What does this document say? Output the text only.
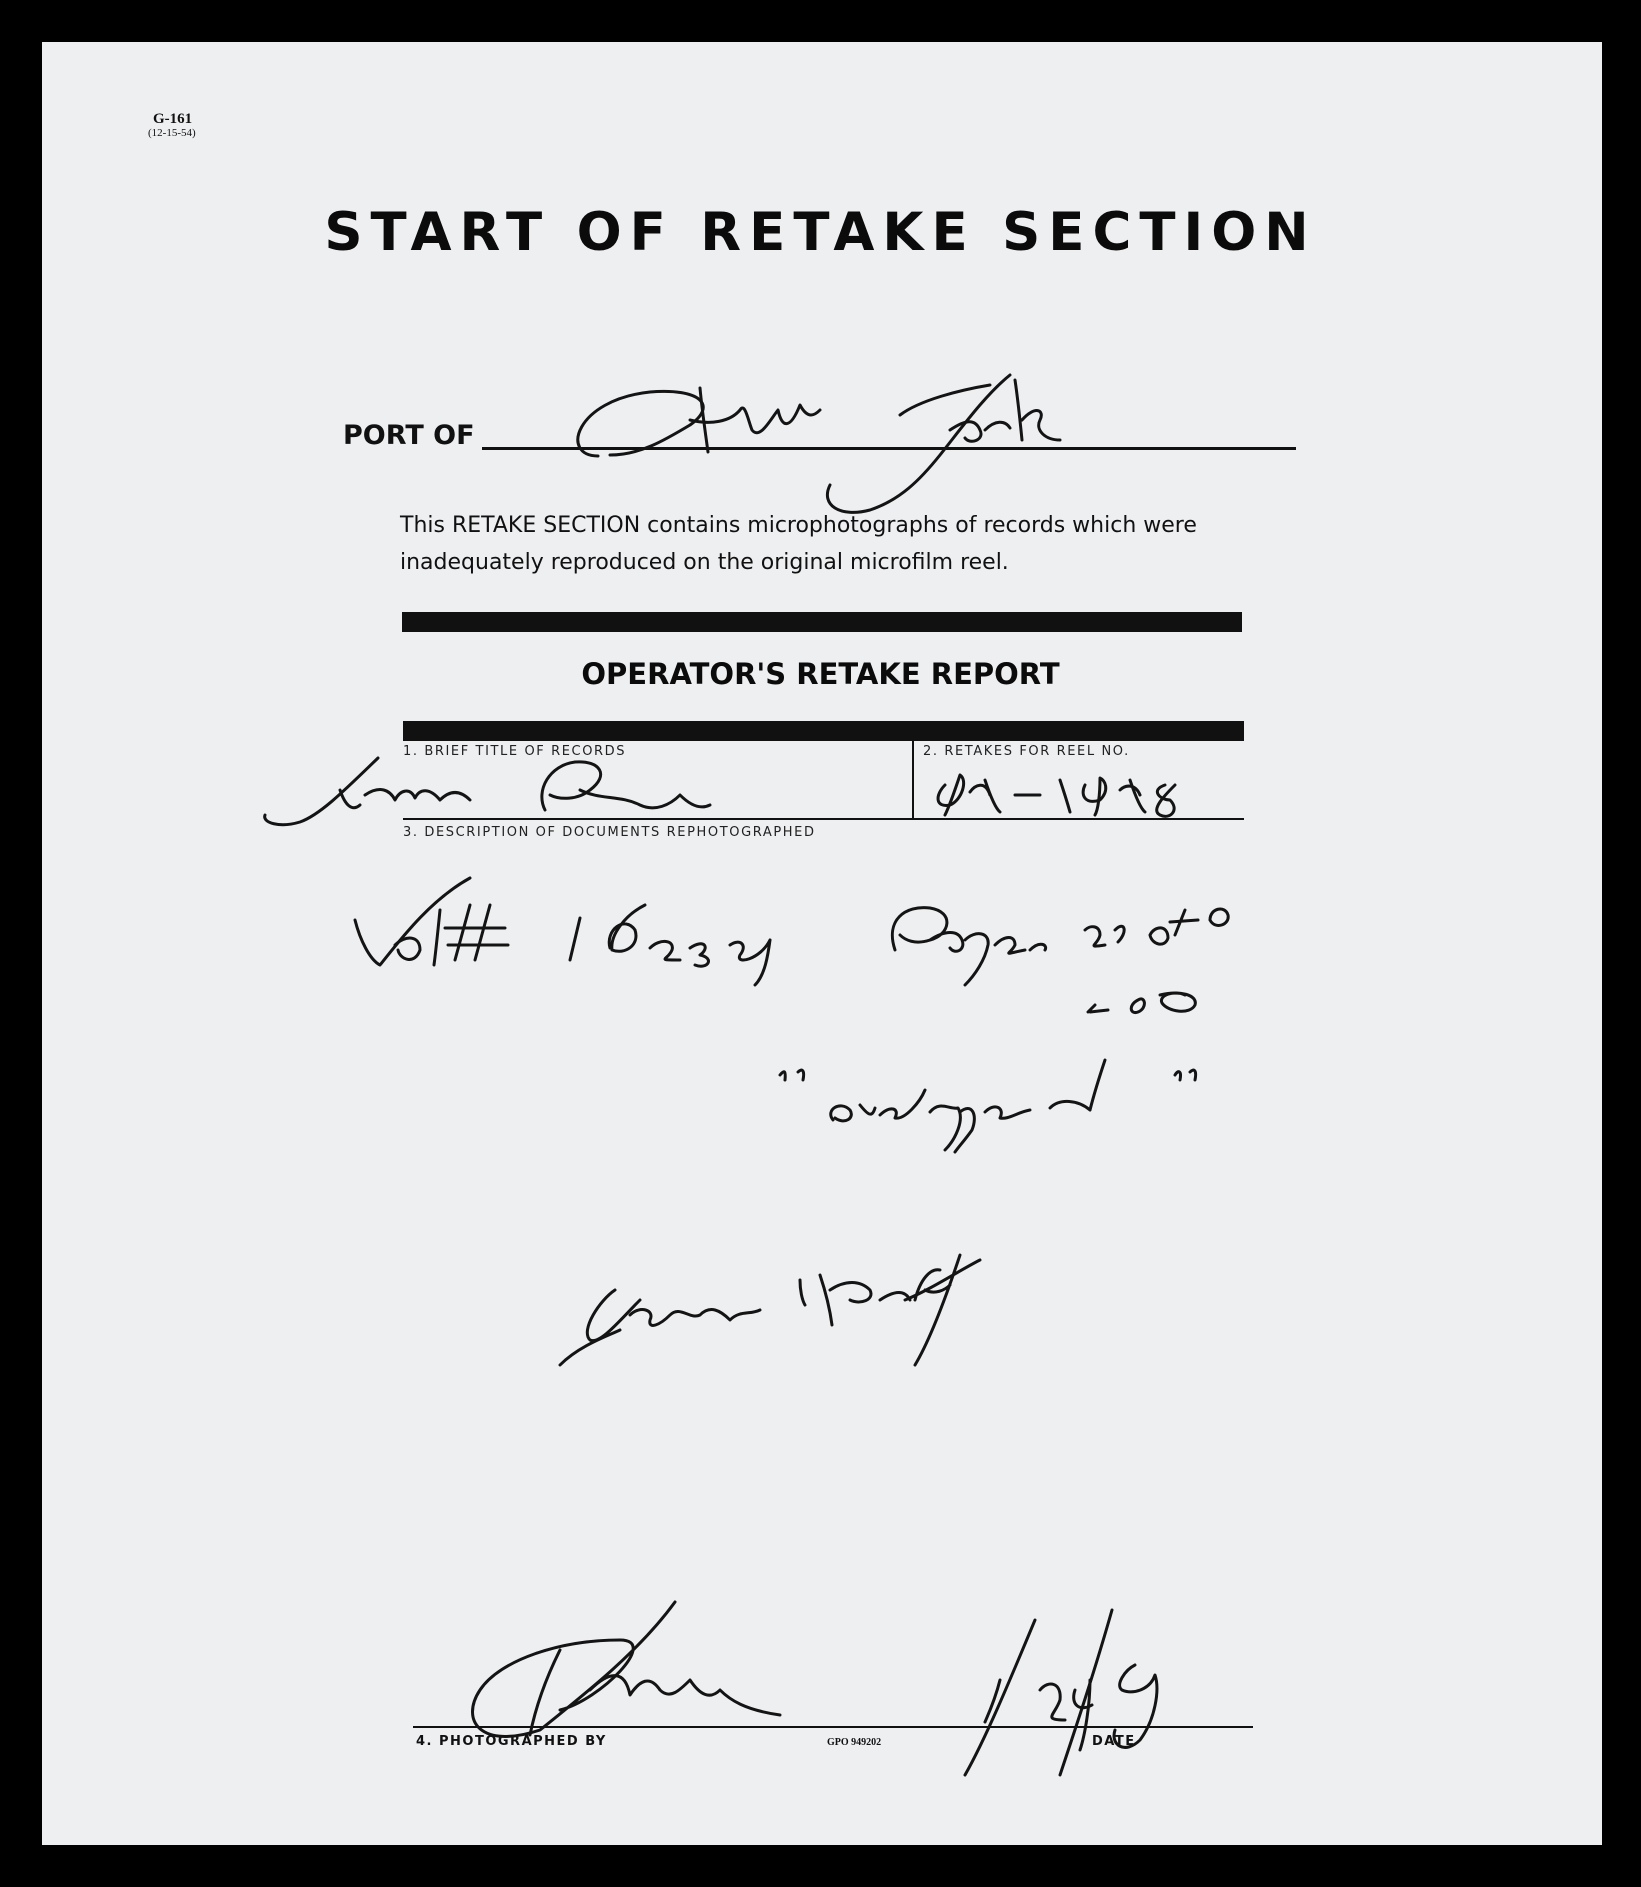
G-161
(12-15-54)
START OF RETAKE SECTION
PORT OF
This RETAKE SECTION contains microphotographs of records which were inadequately reproduced on the original microfilm reel.
OPERATOR'S RETAKE REPORT
1. BRIEF TITLE OF RECORDS	2. RETAKES FOR REEL NO.
3. DESCRIPTION OF DOCUMENTS REPHOTOGRAPHED
4. PHOTOGRAPHED BY	GPO 949202	DATE
